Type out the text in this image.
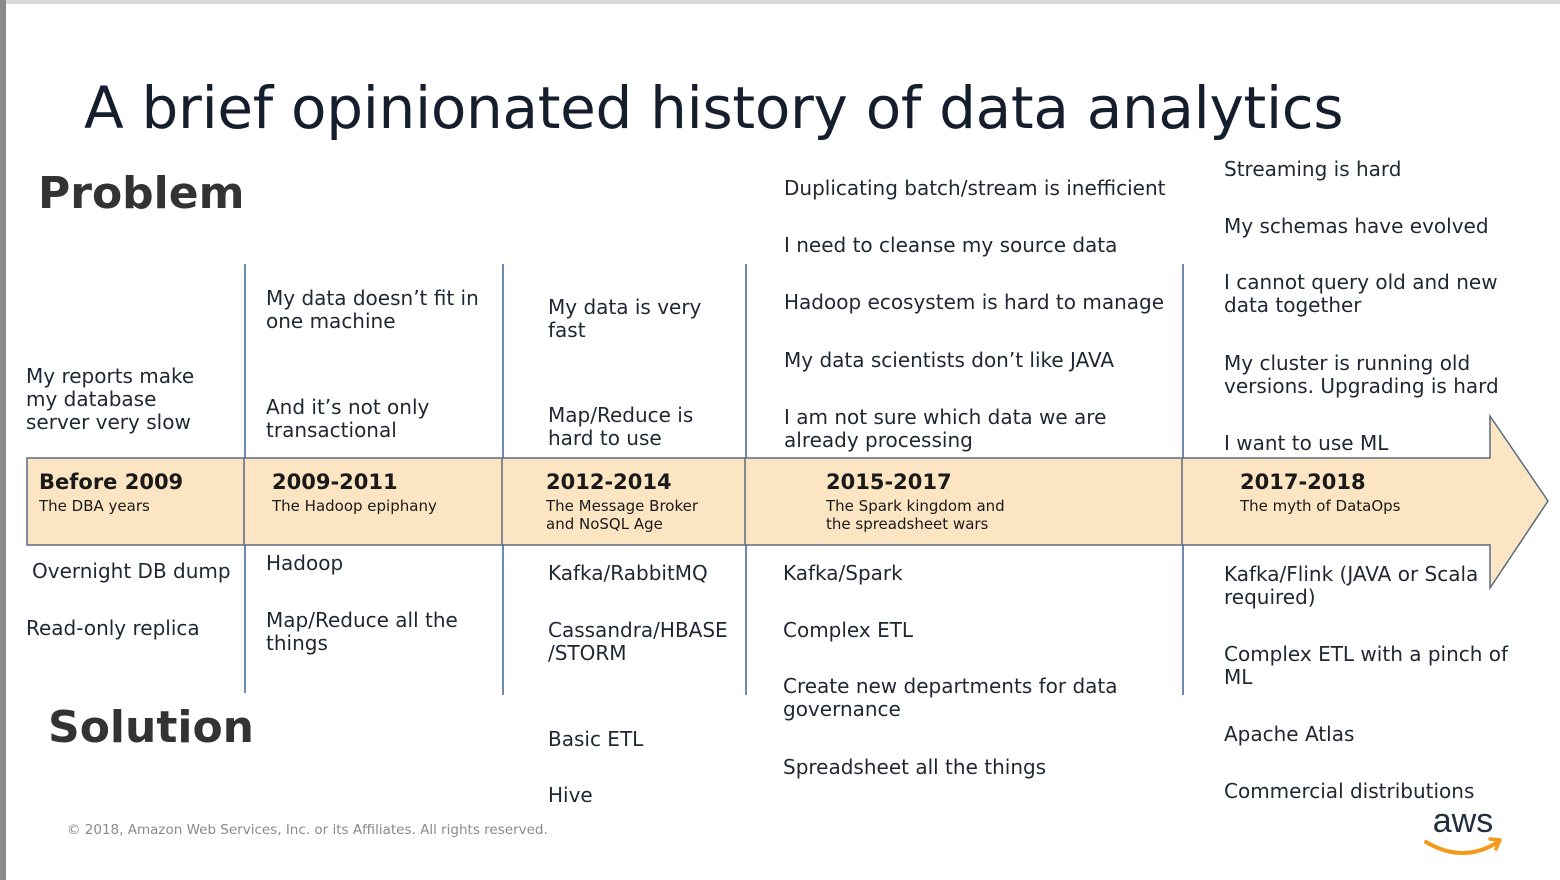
A brief opinionated history of data analytics
Problem
Solution
Before 2009
The DBA years
2009-2011
The Hadoop epiphany
2012-2014
The Message Broker
and NoSQL Age
2015-2017
The Spark kingdom and
the spreadsheet wars
2017-2018
The myth of DataOps
My reports make
my database
server very slow
My data doesn’t fit in
one machine
And it’s not only
transactional
My data is very
fast
Map/Reduce is
hard to use
Duplicating batch/stream is inefficient
I need to cleanse my source data
Hadoop ecosystem is hard to manage
My data scientists don’t like JAVA
I am not sure which data we are
already processing
Streaming is hard
My schemas have evolved
I cannot query old and new
data together
My cluster is running old
versions. Upgrading is hard
I want to use ML
Overnight DB dump
Read-only replica
Hadoop
Map/Reduce all the
things
Kafka/RabbitMQ
Cassandra/HBASE
/STORM
Basic ETL
Hive
Kafka/Spark
Complex ETL
Create new departments for data
governance
Spreadsheet all the things
Kafka/Flink (JAVA or Scala
required)
Complex ETL with a pinch of
ML
Apache Atlas
Commercial distributions
© 2018, Amazon Web Services, Inc. or its Affiliates. All rights reserved.	aws
